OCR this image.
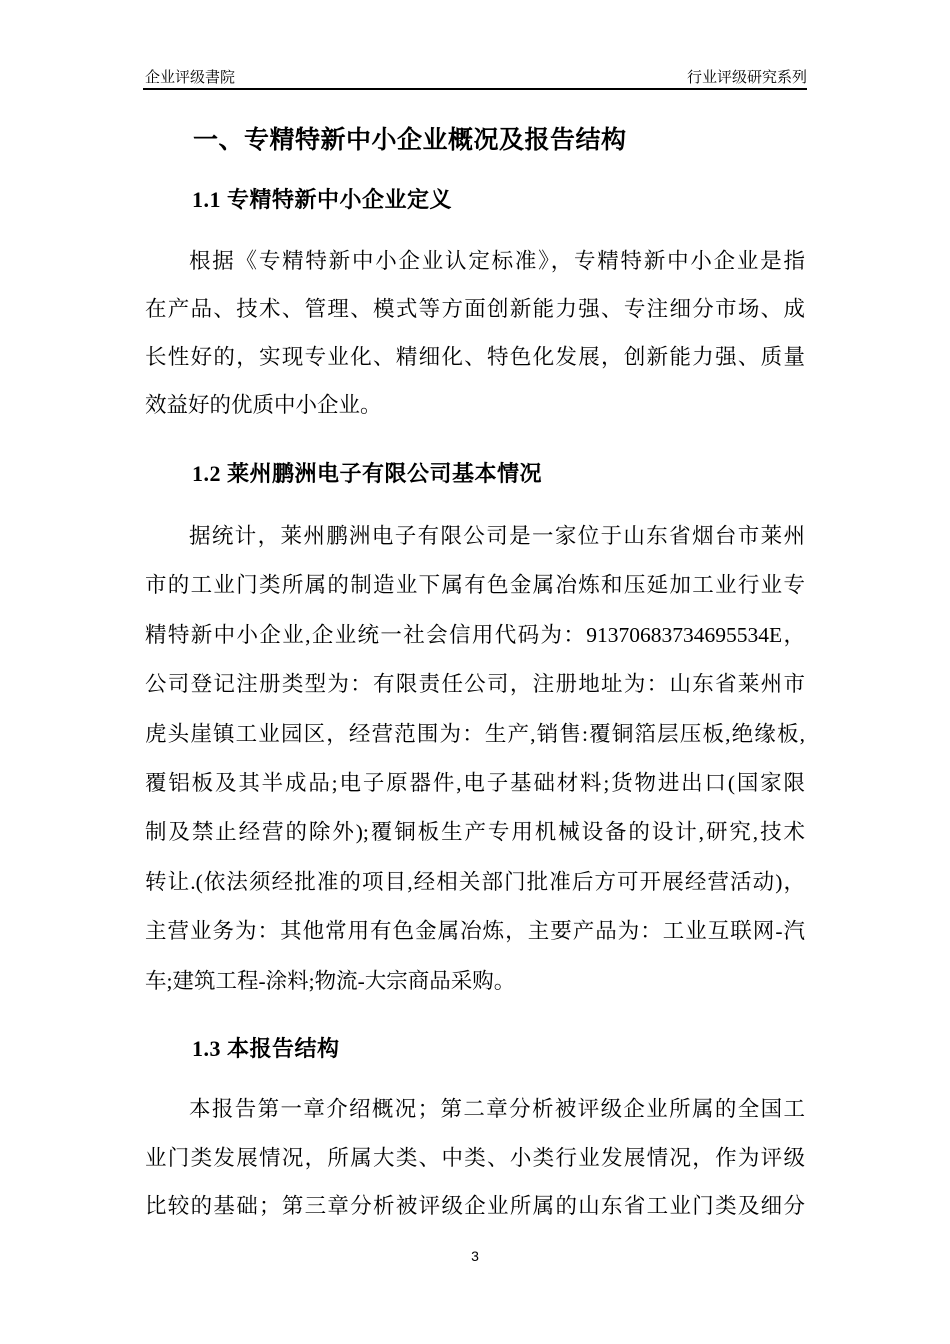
企业评级書院	行业评级研究系列
一、专精特新中小企业概况及报告结构
1.1 专精特新中小企业定义
根据《专精特新中小企业认定标准》，专精特新中小企业是指
在产品、技术、管理、模式等方面创新能力强、专注细分市场、成
长性好的，实现专业化、精细化、特色化发展，创新能力强、质量
效益好的优质中小企业。
1.2 莱州鹏洲电子有限公司基本情况
据统计，莱州鹏洲电子有限公司是一家位于山东省烟台市莱州
市的工业门类所属的制造业下属有色金属冶炼和压延加工业行业专
精特新中小企业,企业统一社会信用代码为：91370683734695534E，
公司登记注册类型为：有限责任公司，注册地址为：山东省莱州市
虎头崖镇工业园区，经营范围为：生产,销售:覆铜箔层压板,绝缘板,
覆铝板及其半成品;电子原器件,电子基础材料;货物进出口(国家限
制及禁止经营的除外);覆铜板生产专用机械设备的设计,研究,技术
转让.(依法须经批准的项目,经相关部门批准后方可开展经营活动)，
主营业务为：其他常用有色金属冶炼，主要产品为：工业互联网-汽
车;建筑工程-涂料;物流-大宗商品采购。
1.3 本报告结构
本报告第一章介绍概况；第二章分析被评级企业所属的全国工
业门类发展情况，所属大类、中类、小类行业发展情况，作为评级
比较的基础；第三章分析被评级企业所属的山东省工业门类及细分
3
